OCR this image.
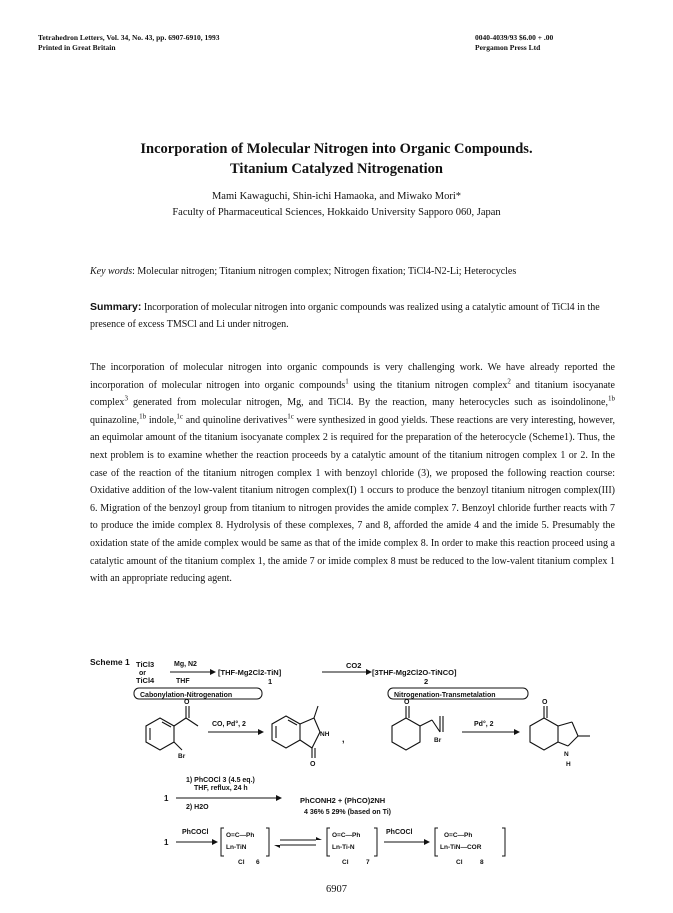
Tetrahedron Letters, Vol. 34, No. 43, pp. 6907-6910, 1993
Printed in Great Britain
0040-4039/93 $6.00 + .00
Pergamon Press Ltd
Incorporation of Molecular Nitrogen into Organic Compounds.
Titanium Catalyzed Nitrogenation
Mami Kawaguchi, Shin-ichi Hamaoka, and Miwako Mori*
Faculty of Pharmaceutical Sciences, Hokkaido University Sapporo 060, Japan
Key words: Molecular nitrogen; Titanium nitrogen complex; Nitrogen fixation; TiCl4-N2-Li; Heterocycles
Summary: Incorporation of molecular nitrogen into organic compounds was realized using a catalytic amount of TiCl4 in the presence of excess TMSCl and Li under nitrogen.
The incorporation of molecular nitrogen into organic compounds is very challenging work. We have already reported the incorporation of molecular nitrogen into organic compounds$^1$ using the titanium nitrogen complex$^2$ and titanium isocyanate complex$^3$ generated from molecular nitrogen, Mg, and TiCl4. By the reaction, many heterocycles such as isoindolinone,$^{1b}$ quinazoline,$^{1b}$ indole,$^{1c}$ and quinoline derivatives$^{1c}$ were synthesized in good yields. These reactions are very interesting, however, an equimolar amount of the titanium isocyanate complex 2 is required for the preparation of the heterocycle (Scheme1). Thus, the next problem is to examine whether the reaction proceeds by a catalytic amount of the titanium nitrogen complex 1 or 2. In the case of the reaction of the titanium nitrogen complex 1 with benzoyl chloride (3), we proposed the following reaction course: Oxidative addition of the low-valent titanium nitrogen complex(I) 1 occurs to produce the benzoyl titanium nitrogen complex(III) 6. Migration of the benzoyl group from titanium to nitrogen provides the amide complex 7. Benzoyl chloride further reacts with 7 to produce the imide complex 8. Hydrolysis of these complexes, 7 and 8, afforded the amide 4 and the imide 5. Presumably the oxidation state of the amide complex would be same as that of the imide complex 8. In order to make this reaction proceed using a catalytic amount of the titanium complex 1, the amide 7 or imide complex 8 must be reduced to the low-valent titanium complex 1 with an appropriate reducing agent.
Scheme 1 TiCl3
or
TiCl4
Mg, N2
THF
[THF-Mg2Cl2-TiN]
1
CO2
[3THF-Mg2Cl2O-TiNCO]
2
Cabonylation-Nitrogenation	Nitrogenation-Transmetalation
O
Br
CO, Pd°, 2
NH
O
,
O
Br
Pd°, 2
O
N
H
1) PhCOCl 3 (4.5 eq.)
THF, reflux, 24 h
1
2) H2O
PhCONH2 + (PhCO)2NH
4 36% 5 29% (based on Ti)
1
PhCOCl	O=C—Ph
Ln-TiN
Cl 6
O=C—Ph
Ln-Ti-N
Cl	7
PhCOCl	O=C—Ph
Ln-TiN—COR
Cl	8
6907
